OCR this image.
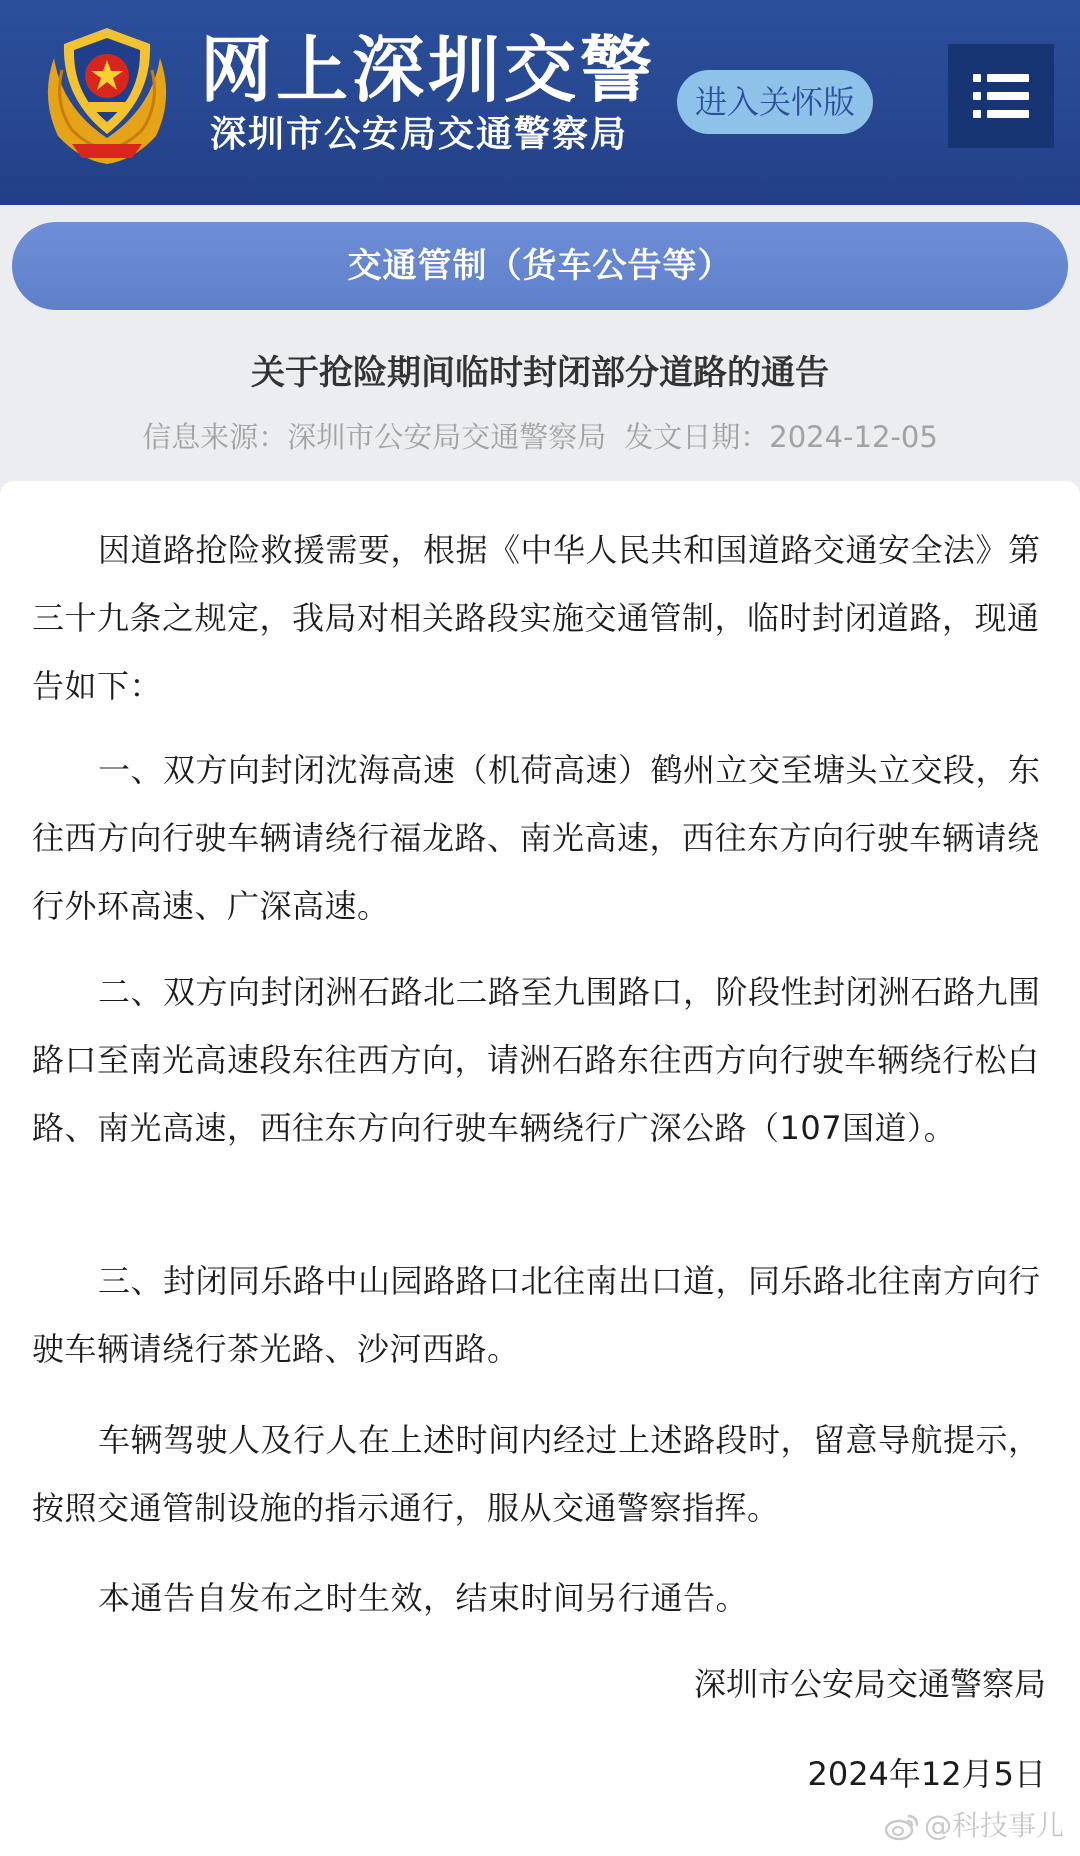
网上深圳交警
深圳市公安局交通警察局
进入关怀版
交通管制（货车公告等）
关于抢险期间临时封闭部分道路的通告
信息来源：深圳市公安局交通警察局 发文日期：2024-12-05

因道路抢险救援需要，根据《中华人民共和国道路交通安全法》第三十九条之规定，我局对相关路段实施交通管制，临时封闭道路，现通告如下：

一、双方向封闭沈海高速（机荷高速）鹤州立交至塘头立交段，东往西方向行驶车辆请绕行福龙路、南光高速，西往东方向行驶车辆请绕行外环高速、广深高速。

二、双方向封闭洲石路北二路至九围路口，阶段性封闭洲石路九围路口至南光高速段东往西方向，请洲石路东往西方向行驶车辆绕行松白路、南光高速，西往东方向行驶车辆绕行广深公路（107国道）。

三、封闭同乐路中山园路路口北往南出口道，同乐路北往南方向行驶车辆请绕行茶光路、沙河西路。

车辆驾驶人及行人在上述时间内经过上述路段时，留意导航提示，按照交通管制设施的指示通行，服从交通警察指挥。

本通告自发布之时生效，结束时间另行通告。

深圳市公安局交通警察局
2024年12月5日
@科技事儿
